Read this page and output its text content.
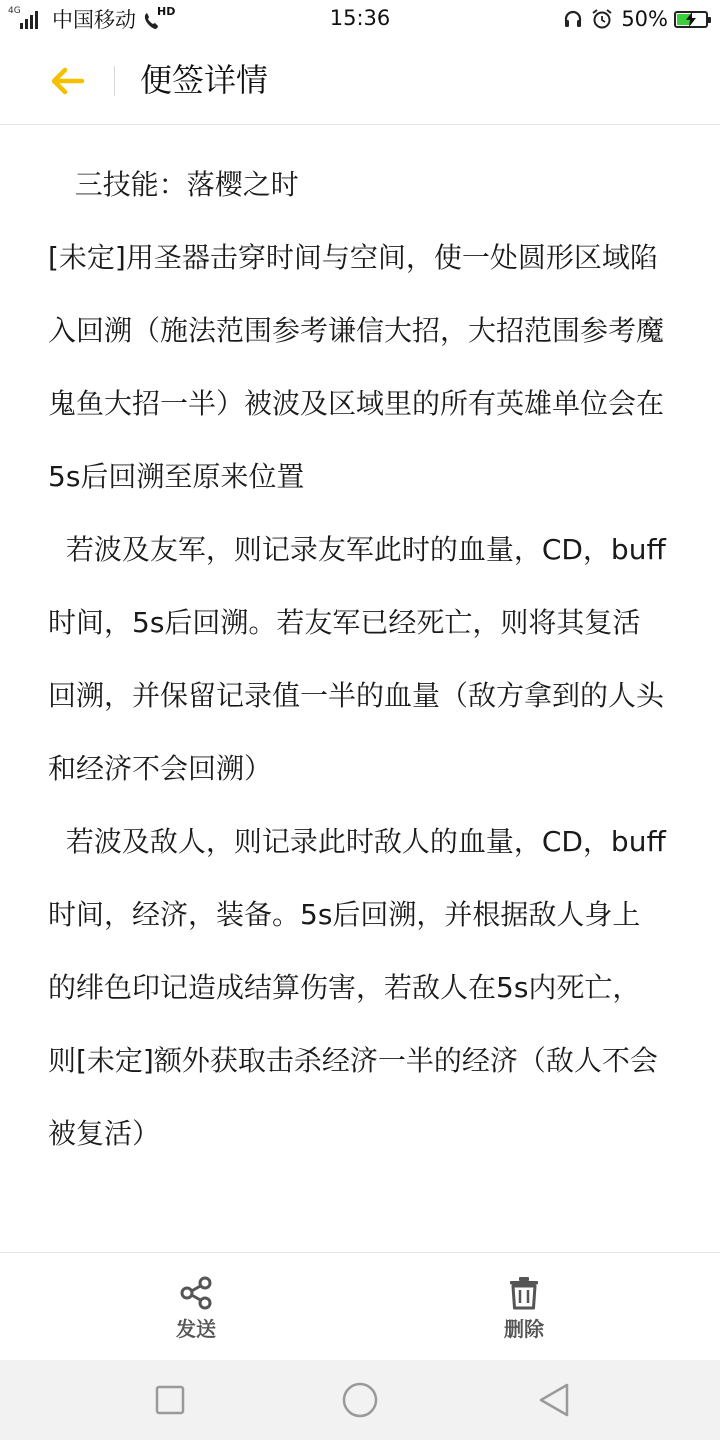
4G 中国移动 HD	15:36	50%
便签详情

三技能：落樱之时

[未定]用圣器击穿时间与空间，使一处圆形区域陷入回溯（施法范围参考谦信大招，大招范围参考魔鬼鱼大招一半）被波及区域里的所有英雄单位会在5s后回溯至原来位置

若波及友军，则记录友军此时的血量，CD，buff时间，5s后回溯。若友军已经死亡，则将其复活回溯，并保留记录值一半的血量（敌方拿到的人头和经济不会回溯）

若波及敌人，则记录此时敌人的血量，CD，buff时间，经济，装备。5s后回溯，并根据敌人身上的绯色印记造成结算伤害，若敌人在5s内死亡，则[未定]额外获取击杀经济一半的经济（敌人不会被复活）

发送	删除
